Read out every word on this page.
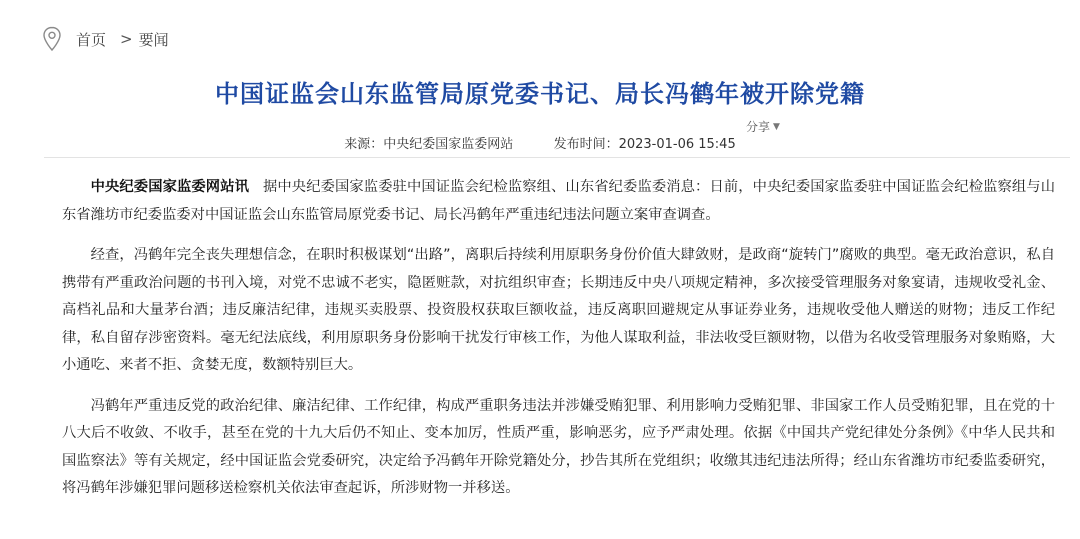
首页 > 要闻
中国证监会山东监管局原党委书记、局长冯鹤年被开除党籍
分享 ▼
来源：中央纪委国家监委网站	发布时间：2023-01-06 15:45

中央纪委国家监委网站讯 据中央纪委国家监委驻中国证监会纪检监察组、山东省纪委监委消息：日前，中央纪委国家监委驻中国证监会纪检监察组与山东省潍坊市纪委监委对中国证监会山东监管局原党委书记、局长冯鹤年严重违纪违法问题立案审查调查。

经查，冯鹤年完全丧失理想信念，在职时积极谋划“出路”，离职后持续利用原职务身份价值大肆敛财，是政商“旋转门”腐败的典型。毫无政治意识，私自携带有严重政治问题的书刊入境，对党不忠诚不老实，隐匿赃款，对抗组织审查；长期违反中央八项规定精神，多次接受管理服务对象宴请，违规收受礼金、高档礼品和大量茅台酒；违反廉洁纪律，违规买卖股票、投资股权获取巨额收益，违反离职回避规定从事证券业务，违规收受他人赠送的财物；违反工作纪律，私自留存涉密资料。毫无纪法底线，利用原职务身份影响干扰发行审核工作，为他人谋取利益，非法收受巨额财物，以借为名收受管理服务对象贿赂，大小通吃、来者不拒、贪婪无度，数额特别巨大。

冯鹤年严重违反党的政治纪律、廉洁纪律、工作纪律，构成严重职务违法并涉嫌受贿犯罪、利用影响力受贿犯罪、非国家工作人员受贿犯罪，且在党的十八大后不收敛、不收手，甚至在党的十九大后仍不知止、变本加厉，性质严重，影响恶劣，应予严肃处理。依据《中国共产党纪律处分条例》《中华人民共和国监察法》等有关规定，经中国证监会党委研究，决定给予冯鹤年开除党籍处分，抄告其所在党组织；收缴其违纪违法所得；经山东省潍坊市纪委监委研究，将冯鹤年涉嫌犯罪问题移送检察机关依法审查起诉，所涉财物一并移送。
